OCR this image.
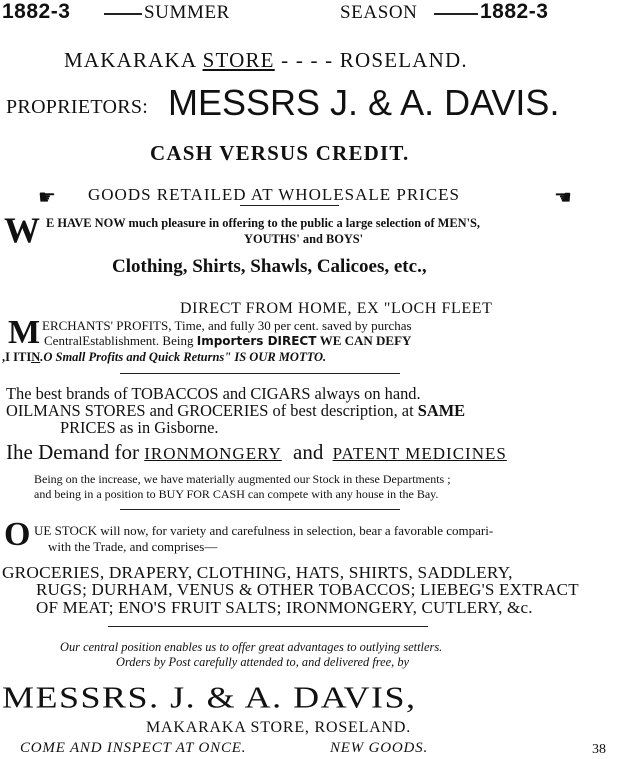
1882-3	SUMMER	SEASON	1882-3
MAKARAKA STORE - - - - ROSELAND.
PROPRIETORS: MESSRS J. & A. DAVIS.
CASH VERSUS CREDIT.
☛ GOODS RETAILED AT WHOLESALE PRICES	☚
W E HAVE NOW much pleasure in offering to the public a large selection of MEN'S,
YOUTHS' and BOYS'
Clothing, Shirts, Shawls, Calicoes, etc.,
DIRECT FROM HOME, EX "LOCH FLEET
M ERCHANTS' PROFITS, Time, and fully 30 per cent. saved by purchas
CentralEstablishment. Being Importers DIRECT WE CAN DEFY
,I ITIN.O Small Profits and Quick Returns" IS OUR MOTTO.
The best brands of TOBACCOS and CIGARS always on hand.
OILMANS STORES and GROCERIES of best description, at SAME
PRICES as in Gisborne.
Ihe Demand for IRONMONGERY and PATENT MEDICINES
Being on the increase, we have materially augmented our Stock in these Departments ;
and being in a position to BUY FOR CASH can compete with any house in the Bay.
O UE STOCK will now, for variety and carefulness in selection, bear a favorable compari-
with the Trade, and comprises—
GROCERIES, DRAPERY, CLOTHING, HATS, SHIRTS, SADDLERY,
RUGS; DURHAM, VENUS & OTHER TOBACCOS; LIEBEG'S EXTRACT
OF MEAT; ENO'S FRUIT SALTS; IRONMONGERY, CUTLERY, &c.
Our central position enables us to offer great advantages to outlying settlers.
Orders by Post carefully attended to, and delivered free, by
MESSRS. J. & A. DAVIS,
MAKARAKA STORE, ROSELAND.
COME AND INSPECT AT ONCE.	NEW GOODS.	38
